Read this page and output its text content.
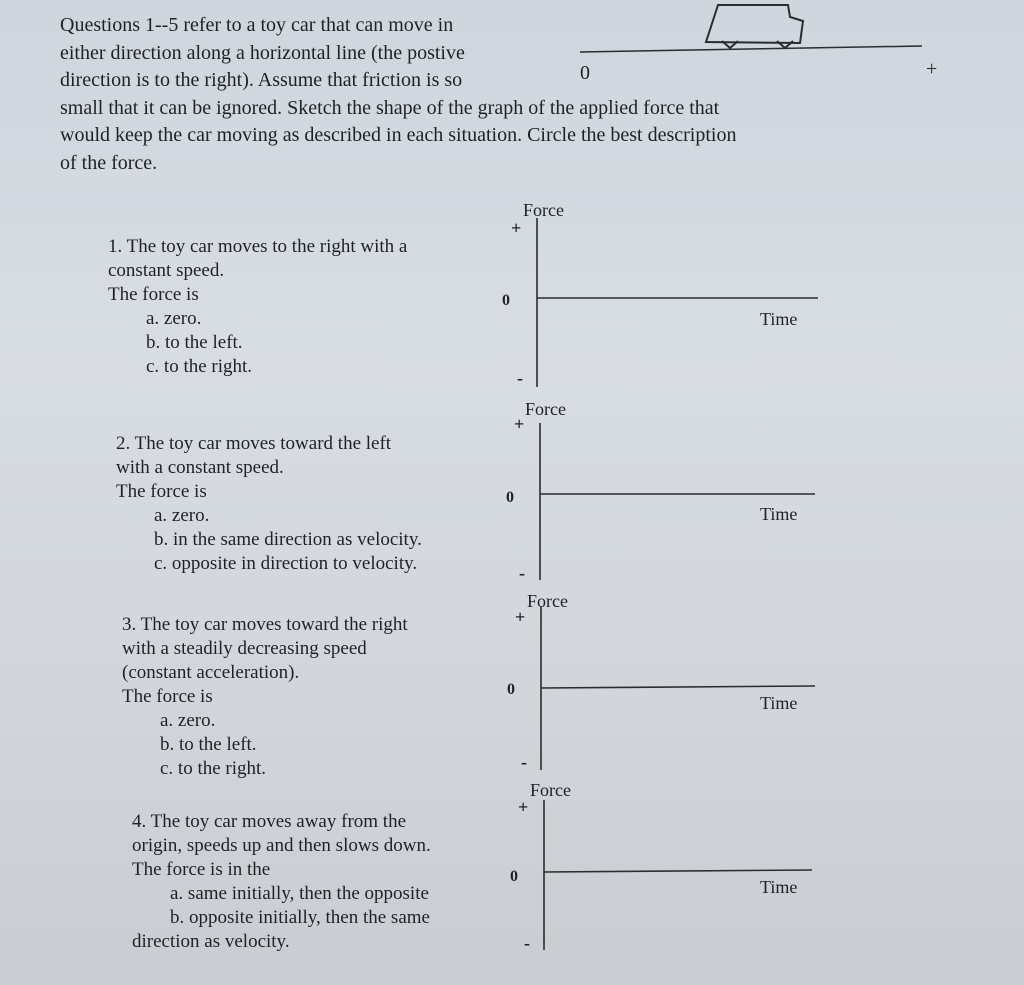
Questions 1--5 refer to a toy car that can move in
either direction along a horizontal line (the postive
direction is to the right). Assume that friction is so
small that it can be ignored. Sketch the shape of the graph of the applied force that
would keep the car moving as described in each situation. Circle the best description
of the force.
0	+
+
Force
0
Time
-
+
Force
0
Time
-
+
Force
0
Time
-
+
Force
0
Time
-
1. The toy car moves to the right with a
constant speed.
The force is
a. zero.
b. to the left.
c. to the right.
2. The toy car moves toward the left
with a constant speed.
The force is
a. zero.
b. in the same direction as velocity.
c. opposite in direction to velocity.
3. The toy car moves toward the right
with a steadily decreasing speed
(constant acceleration).
The force is
a. zero.
b. to the left.
c. to the right.
4. The toy car moves away from the
origin, speeds up and then slows down.
The force is in the
a. same initially, then the opposite
b. opposite initially, then the same
direction as velocity.
